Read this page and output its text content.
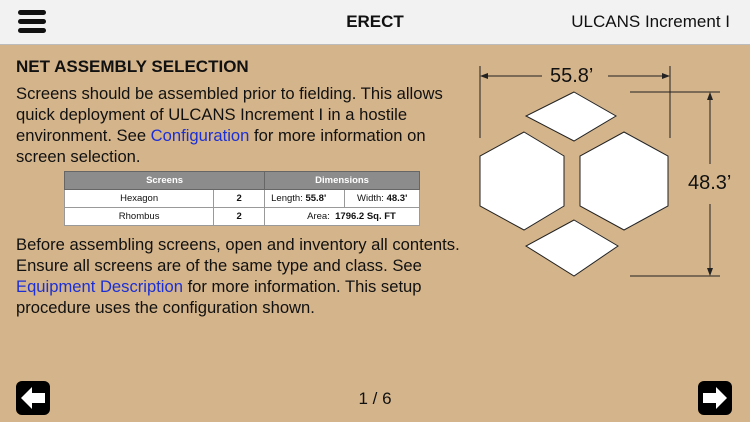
ERECT	ULCANS Increment I
NET ASSEMBLY SELECTION
Screens should be assembled prior to fielding. This allows quick deployment of ULCANS Increment I in a hostile environment. See Configuration for more information on screen selection.
Screens		Dimensions	
Hexagon	2	Length: 55.8'	Width: 48.3'
Rhombus	2	Area: 1796.2 Sq. FT	
Before assembling screens, open and inventory all contents. Ensure all screens are of the same type and class. See Equipment Description for more information. This setup procedure uses the configuration shown.
55.8’
48.3’
1 / 6
